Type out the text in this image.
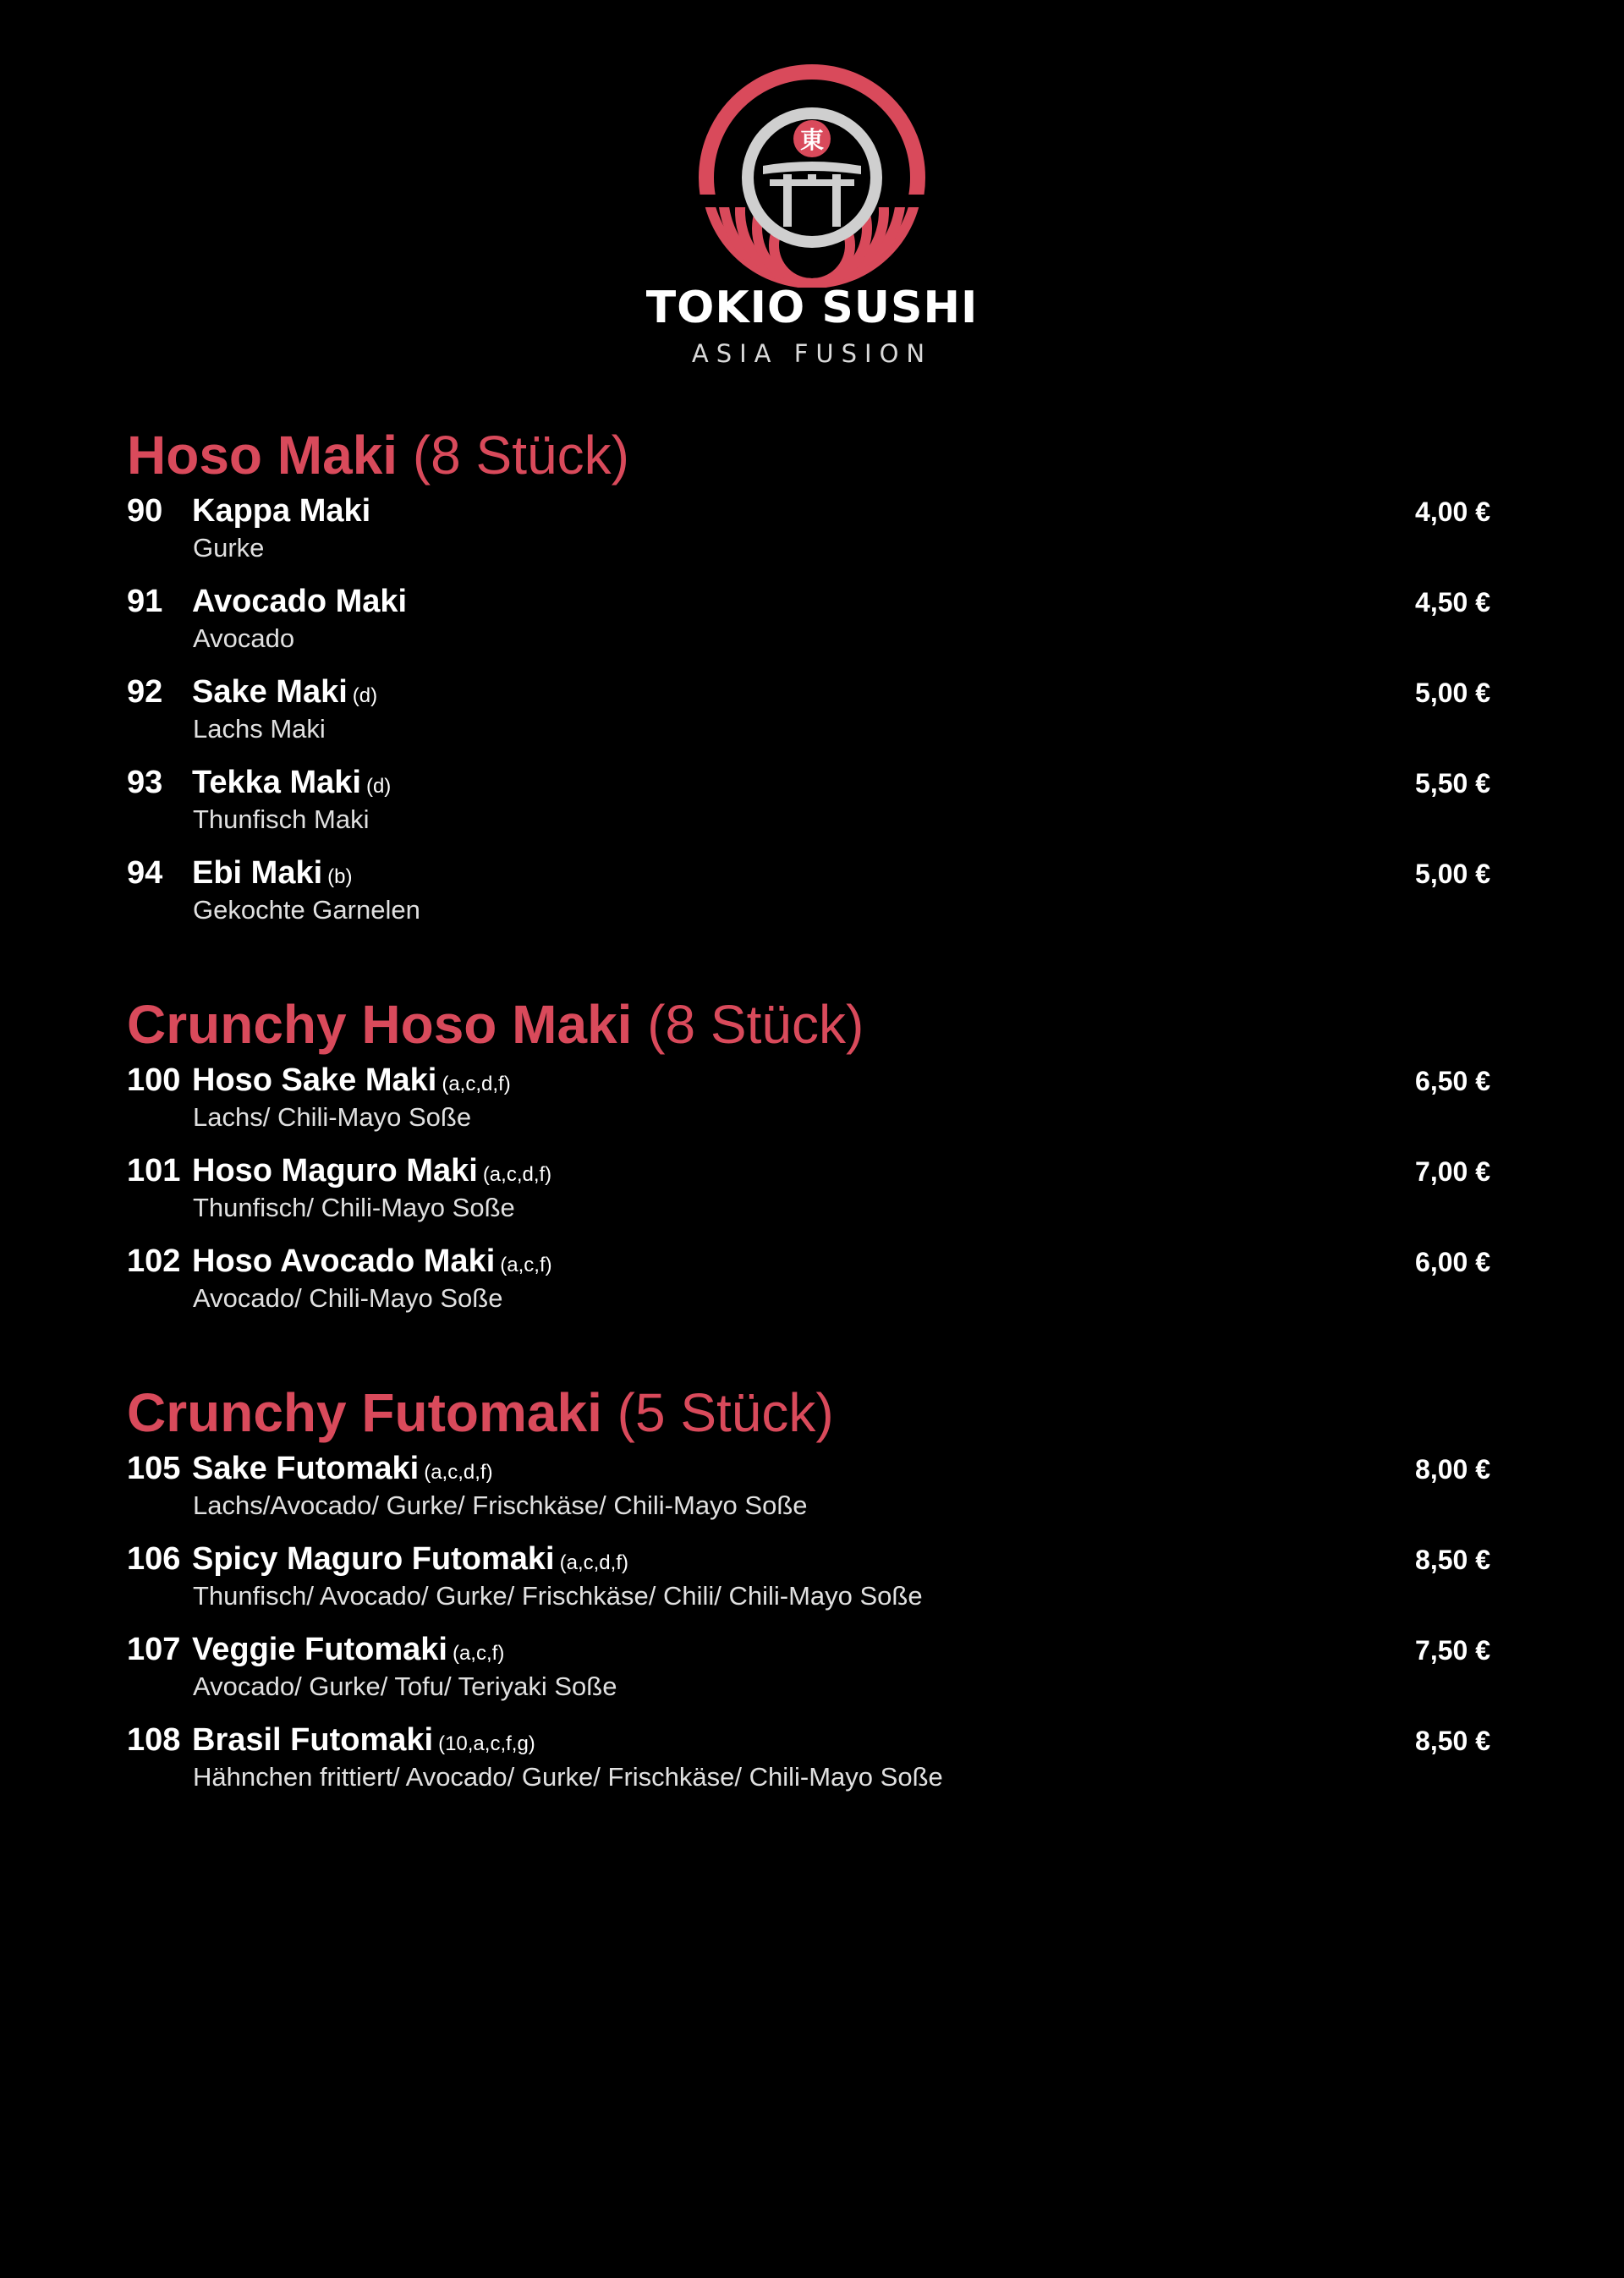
東
TOKIO SUSHI
ASIA FUSION
Hoso Maki (8 Stück)
90 Kappa Maki
Gurke
4,00 €
91 Avocado Maki
Avocado
4,50 €
92 Sake Maki (d)
Lachs Maki
5,00 €
93 Tekka Maki (d)
Thunfisch Maki
5,50 €
94 Ebi Maki (b)
Gekochte Garnelen
5,00 €
Crunchy Hoso Maki (8 Stück)
100 Hoso Sake Maki (a,c,d,f)
Lachs/ Chili-Mayo Soße
6,50 €
101 Hoso Maguro Maki (a,c,d,f)
Thunfisch/ Chili-Mayo Soße
7,00 €
102 Hoso Avocado Maki (a,c,f)
Avocado/ Chili-Mayo Soße
6,00 €
Crunchy Futomaki (5 Stück)
105 Sake Futomaki (a,c,d,f)
Lachs/Avocado/ Gurke/ Frischkäse/ Chili-Mayo Soße
8,00 €
106 Spicy Maguro Futomaki (a,c,d,f)
Thunfisch/ Avocado/ Gurke/ Frischkäse/ Chili/ Chili-Mayo Soße
8,50 €
107 Veggie Futomaki (a,c,f)
Avocado/ Gurke/ Tofu/ Teriyaki Soße
7,50 €
108 Brasil Futomaki (10,a,c,f,g)
Hähnchen frittiert/ Avocado/ Gurke/ Frischkäse/ Chili-Mayo Soße
8,50 €
